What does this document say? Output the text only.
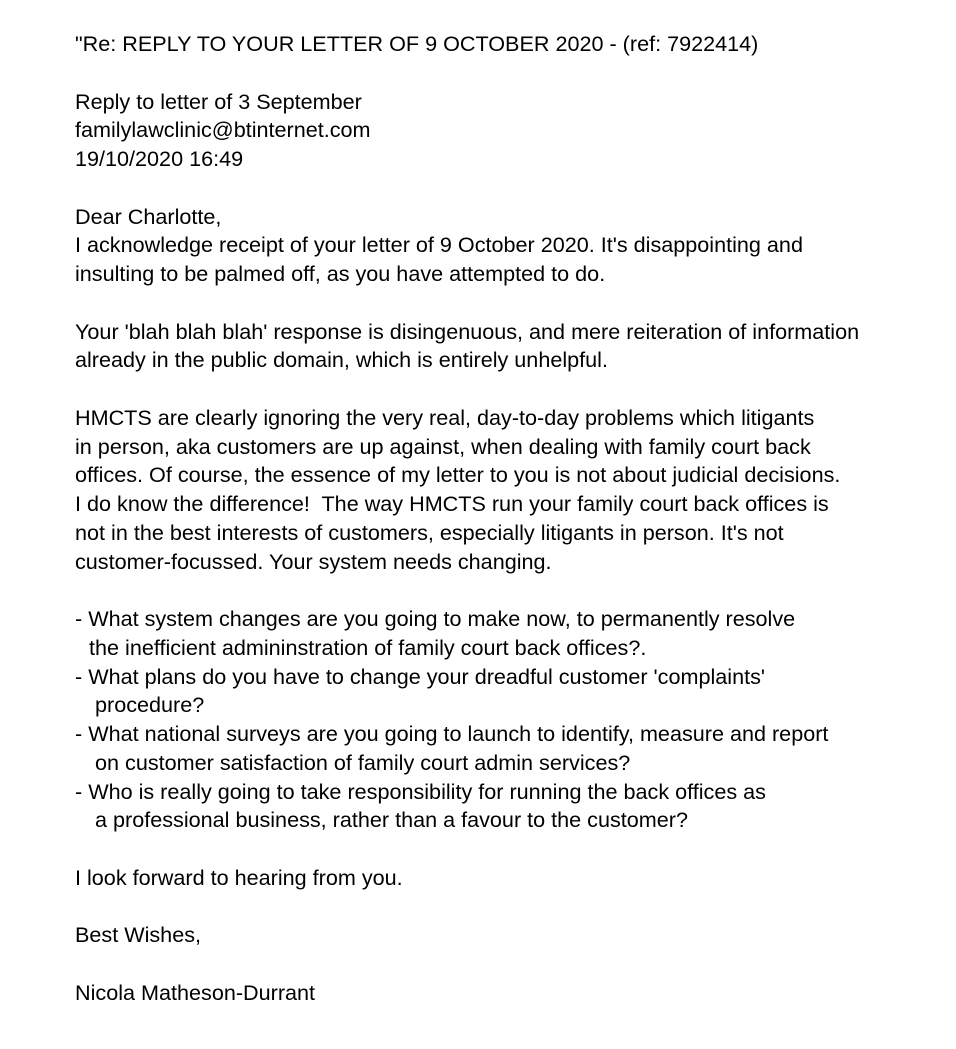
"Re: REPLY TO YOUR LETTER OF 9 OCTOBER 2020 - (ref: 7922414)
Reply to letter of 3 September
familylawclinic@btinternet.com
19/10/2020 16:49
Dear Charlotte,
I acknowledge receipt of your letter of 9 October 2020. It's disappointing and
insulting to be palmed off, as you have attempted to do.
Your 'blah blah blah' response is disingenuous, and mere reiteration of information
already in the public domain, which is entirely unhelpful.
HMCTS are clearly ignoring the very real, day-to-day problems which litigants
in person, aka customers are up against, when dealing with family court back
offices. Of course, the essence of my letter to you is not about judicial decisions.
I do know the difference!  The way HMCTS run your family court back offices is
not in the best interests of customers, especially litigants in person. It's not
customer-focussed. Your system needs changing.
- What system changes are you going to make now, to permanently resolve
the inefficient admininstration of family court back offices?.
- What plans do you have to change your dreadful customer 'complaints'
procedure?
- What national surveys are you going to launch to identify, measure and report
on customer satisfaction of family court admin services?
- Who is really going to take responsibility for running the back offices as
a professional business, rather than a favour to the customer?
I look forward to hearing from you.
Best Wishes,
Nicola Matheson-Durrant
